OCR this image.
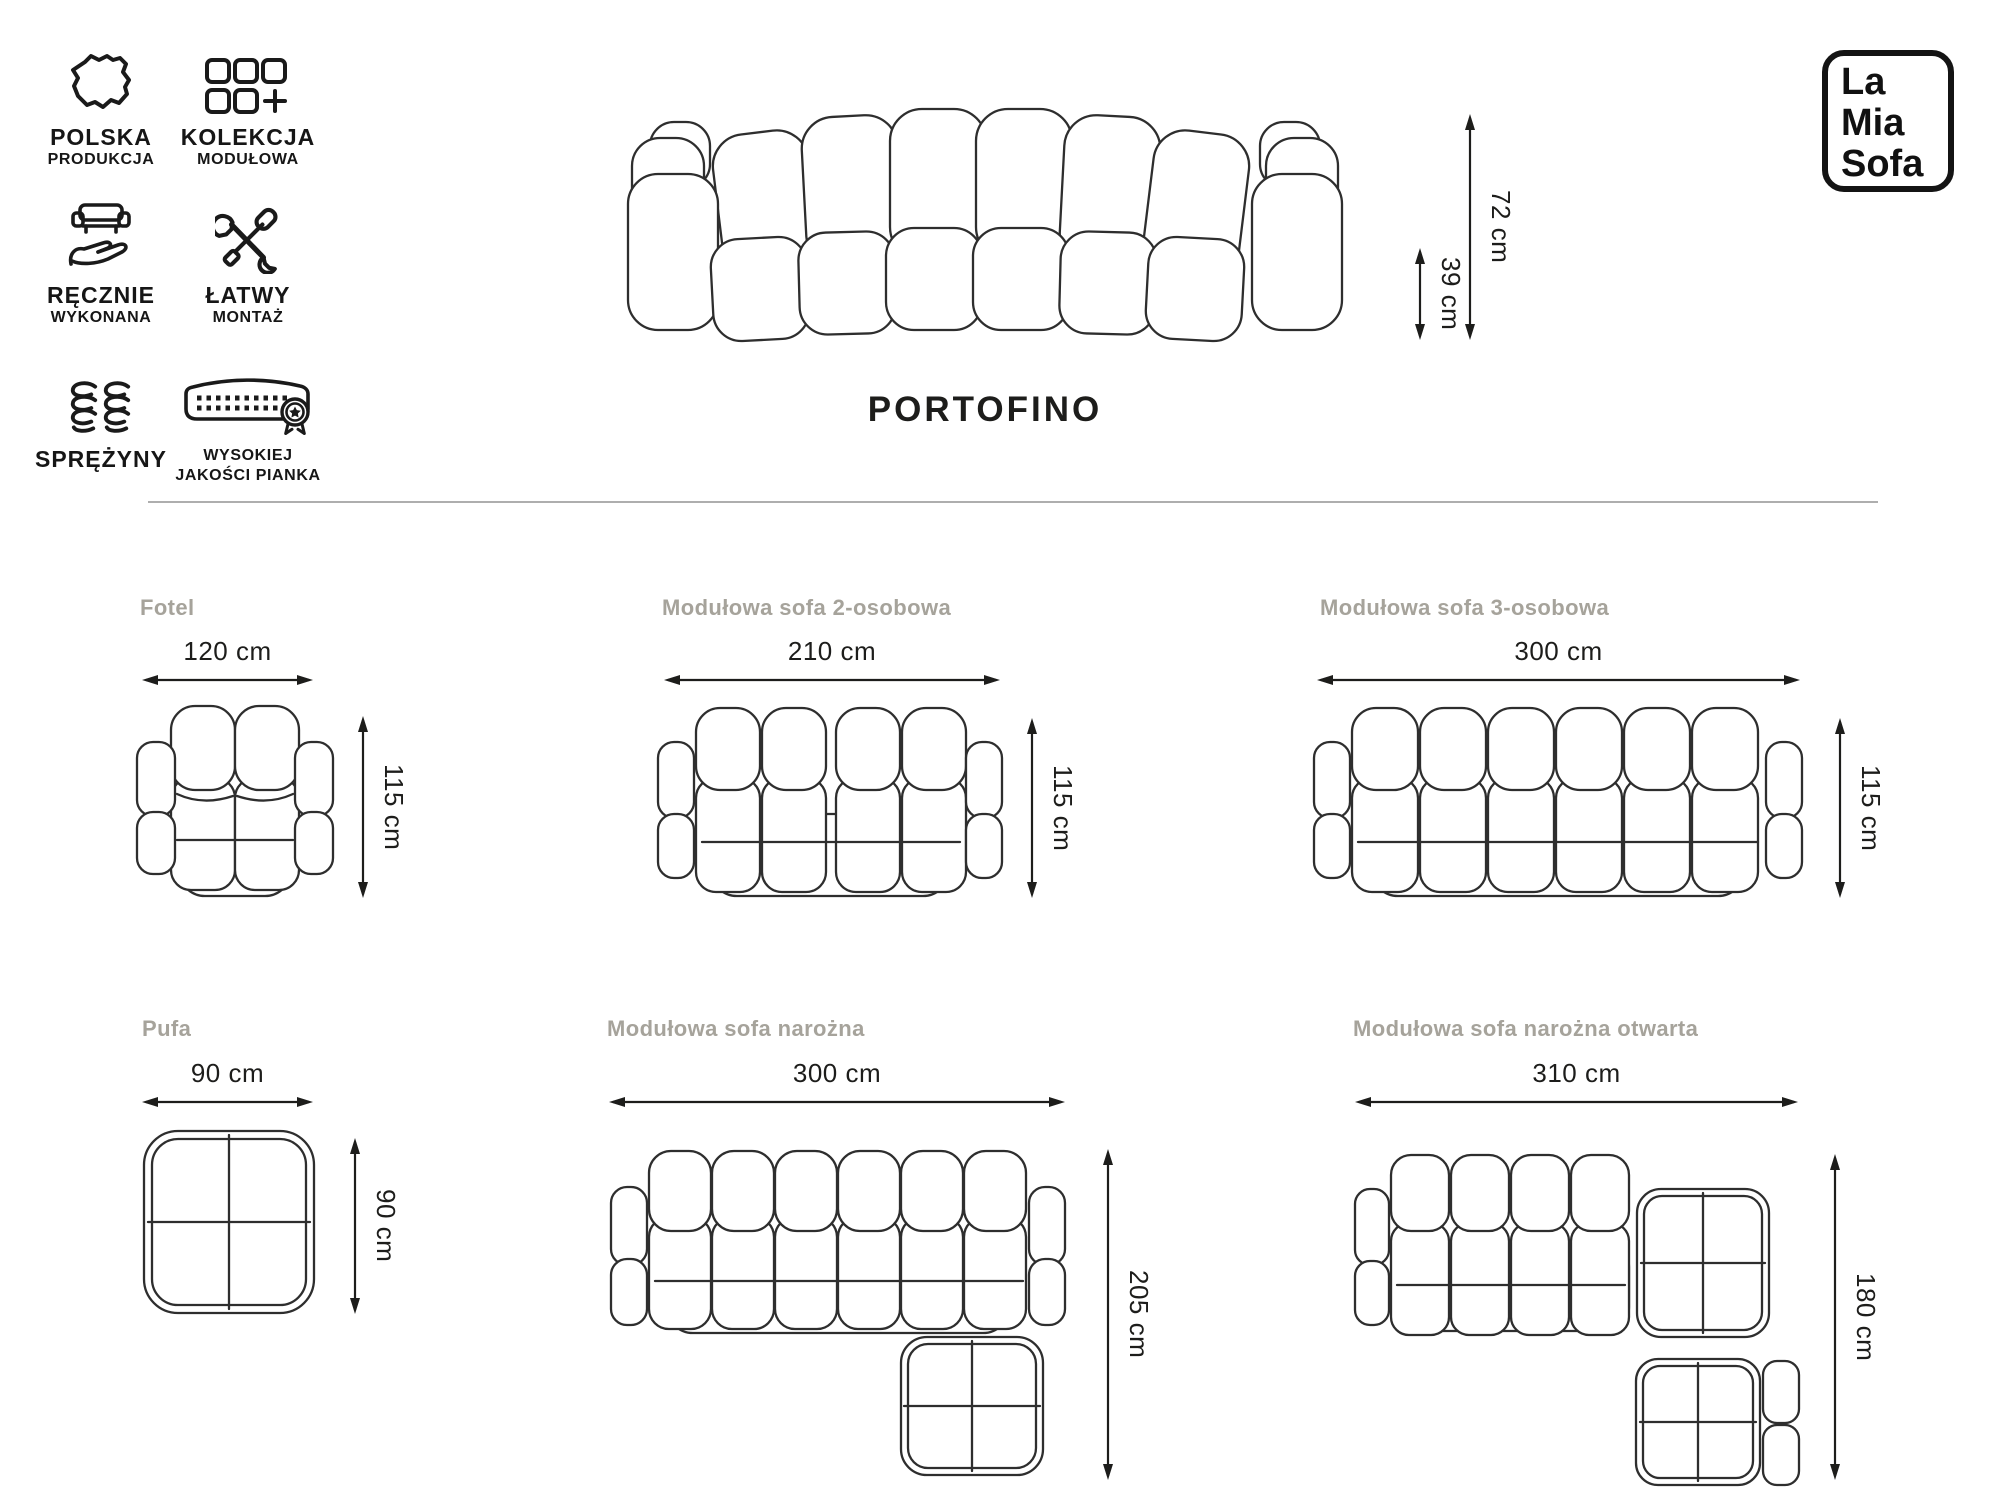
POLSKA
PRODUKCJA
KOLEKCJA
MODUŁOWA
RĘCZNIE
WYKONANA
ŁATWY
MONTAŻ
SPRĘŻYNY	WYSOKIEJ
JAKOŚCI PIANKA
La
Mia
Sofa
39 cm
72 cm
PORTOFINO
Fotel
120 cm
115 cm
Modułowa sofa 2-osobowa
210 cm
115 cm
Modułowa sofa 3-osobowa
300 cm
115 cm
Pufa
90 cm
90 cm
Modułowa sofa narożna
300 cm
205 cm
Modułowa sofa narożna otwarta
310 cm
180 cm
